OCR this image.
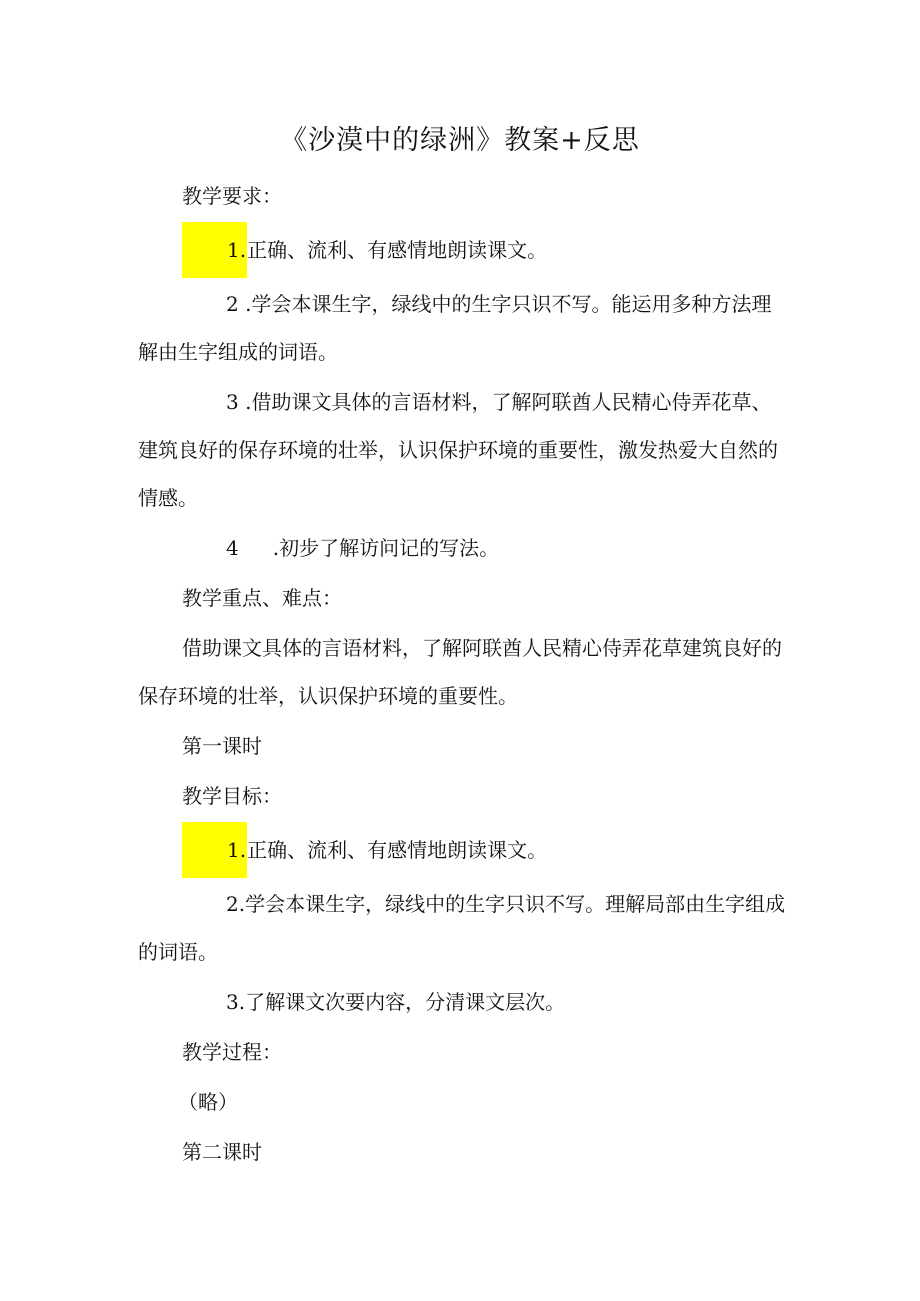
《沙漠中的绿洲》教案+反思

教学要求：

1.正确、流利、有感情地朗读课文。

2 .学会本课生字，绿线中的生字只识不写。能运用多种方法理解由生字组成的词语。

3 .借助课文具体的言语材料，了解阿联酋人民精心侍弄花草、建筑良好的保存环境的壮举，认识保护环境的重要性，激发热爱大自然的情感。

4 .初步了解访问记的写法。

教学重点、难点：

借助课文具体的言语材料，了解阿联酋人民精心侍弄花草建筑良好的保存环境的壮举，认识保护环境的重要性。

第一课时

教学目标：

1.正确、流利、有感情地朗读课文。

2.学会本课生字，绿线中的生字只识不写。理解局部由生字组成的词语。

3.了解课文次要内容，分清课文层次。

教学过程：

（略）

第二课时
